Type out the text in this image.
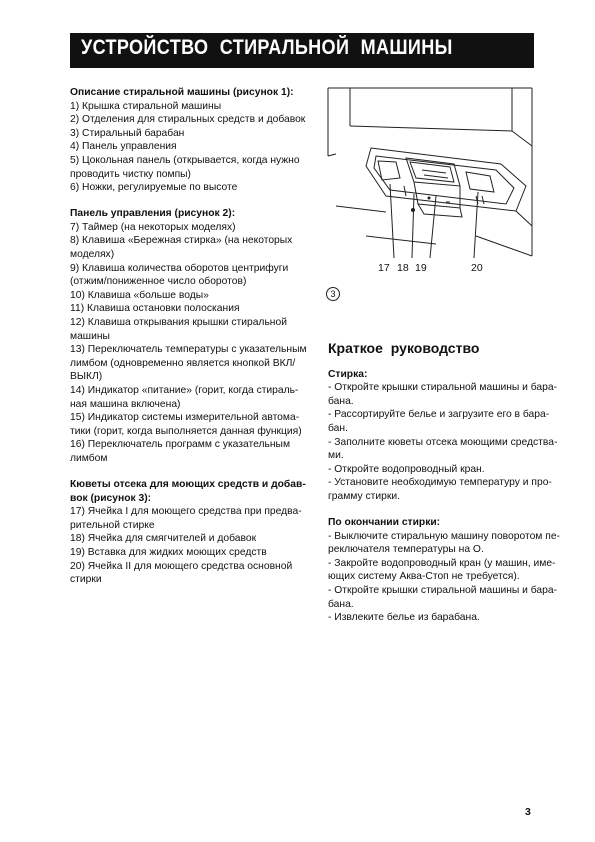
УСТРОЙСТВО СТИРАЛЬНОЙ МАШИНЫ
Описание стиральной машины (рисунок 1):
1) Крышка стиральной машины
2) Отделения для стиральных средств и добавок
3) Стиральный барабан
4) Панель управления
5) Цокольная панель (открывается, когда нужно
проводить чистку помпы)
6) Ножки, регулируемые по высоте
Панель управления (рисунок 2):
7) Таймер (на некоторых моделях)
8) Клавиша «Бережная стирка» (на некоторых
моделях)
9) Клавиша количества оборотов центрифуги
(отжим/пониженное число оборотов)
10) Клавиша «больше воды»
11) Клавиша остановки полоскания
12) Клавиша открывания крышки стиральной
машины
13) Переключатель температуры с указательным
лимбом (одновременно является кнопкой ВКЛ/
ВЫКЛ)
14) Индикатор «питание» (горит, когда стираль-
ная машина включена)
15) Индикатор системы измерительной автома-
тики (горит, когда выполняется данная функция)
16) Переключатель программ с указательным
лимбом
Кюветы отсека для моющих средств и добав-
вок (рисунок 3):
17) Ячейка I для моющего средства при предва-
рительной стирке
18) Ячейка для смягчителей и добавок
19) Вставка для жидких моющих средств
20) Ячейка II для моющего средства основной
стирки
17 18 19	20
3
Краткое руководство
Стирка:
- Откройте крышки стиральной машины и бара-
бана.
- Рассортируйте белье и загрузите его в барa-
бан.
- Заполните кюветы отсека моющими средства-
ми.
- Откройте водопроводный кран.
- Установите необходимую температуру и про-
грамму стирки.
По окончании стирки:
- Выключите стиральную машину поворотом пе-
реключателя температуры на О.
- Закройте водопроводный кран (у машин, име-
ющих систему Аква-Стоп не требуется).
- Откройте крышки стиральной машины и бара-
бана.
- Извлеките белье из барабана.
3
